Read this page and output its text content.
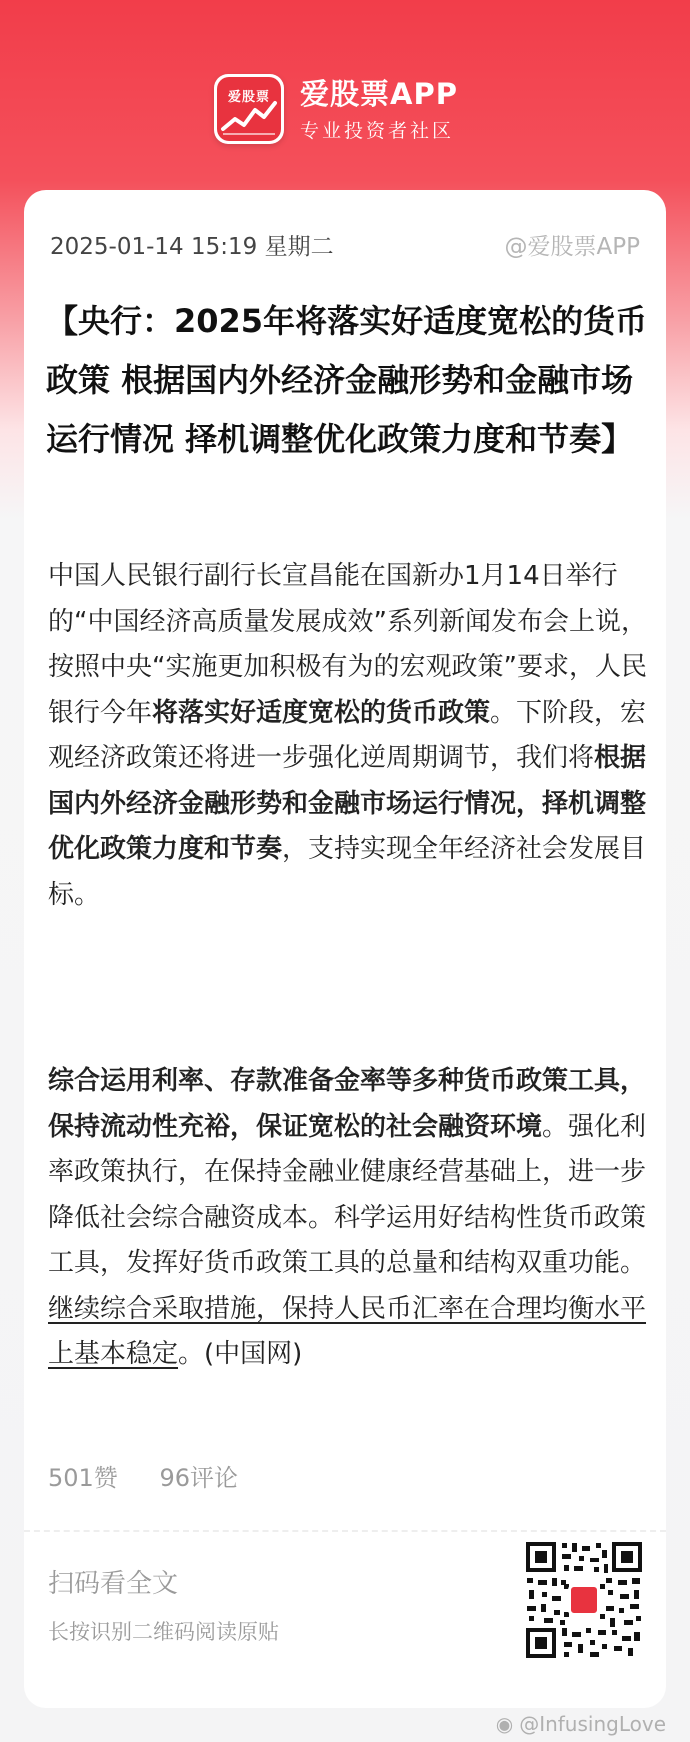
爱股票	爱股票APP
专业投资者社区
2025-01-14 15:19 星期二	@爱股票APP
【央行：2025年将落实好适度宽松的货币政策 根据国内外经济金融形势和金融市场运行情况 择机调整优化政策力度和节奏】

中国人民银行副行长宣昌能在国新办1月14日举行的“中国经济高质量发展成效”系列新闻发布会上说，按照中央“实施更加积极有为的宏观政策”要求，人民银行今年将落实好适度宽松的货币政策。下阶段，宏观经济政策还将进一步强化逆周期调节，我们将根据国内外经济金融形势和金融市场运行情况，择机调整优化政策力度和节奏，支持实现全年经济社会发展目标。

综合运用利率、存款准备金率等多种货币政策工具，保持流动性充裕，保证宽松的社会融资环境。强化利率政策执行，在保持金融业健康经营基础上，进一步降低社会综合融资成本。科学运用好结构性货币政策工具，发挥好货币政策工具的总量和结构双重功能。继续综合采取措施，保持人民币汇率在合理均衡水平上基本稳定。(中国网)

501赞 96评论
扫码看全文
长按识别二维码阅读原贴
◉ @InfusingLove
